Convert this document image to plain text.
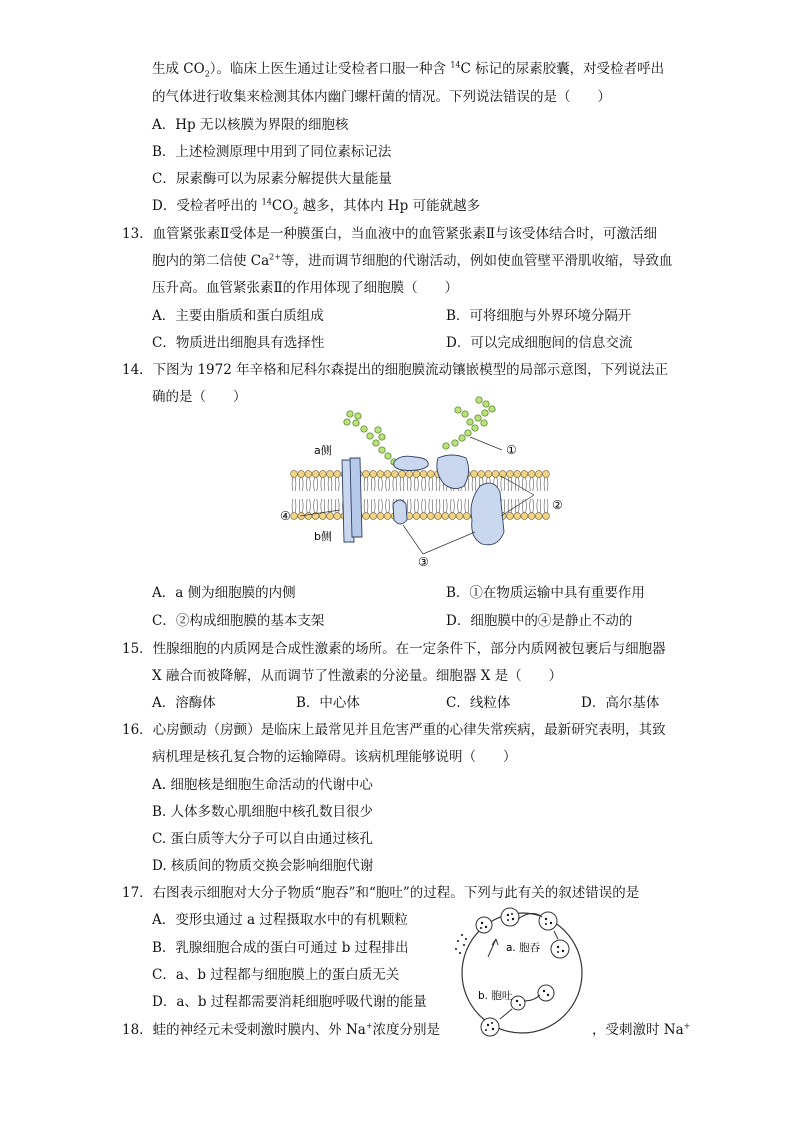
生成 $CO_2$）。临床上医生通过让受检者口服一种含 $^{14}$C 标记的尿素胶囊，对受检者呼出
的气体进行收集来检测其体内幽门螺杆菌的情况。下列说法错误的是（　　）
A．Hp 无以核膜为界限的细胞核
B．上述检测原理中用到了同位素标记法
C．尿素酶可以为尿素分解提供大量能量
D．受检者呼出的 $^{14}CO_2$ 越多，其体内 Hp 可能就越多
13．血管紧张素Ⅱ受体是一种膜蛋白，当血液中的血管紧张素Ⅱ与该受体结合时，可激活细
胞内的第二信使 $Ca^{2+}$等，进而调节细胞的代谢活动，例如使血管壁平滑肌收缩，导致血
压升高。血管紧张素Ⅱ的作用体现了细胞膜（　　）
A．主要由脂质和蛋白质组成	B．可将细胞与外界环境分隔开
C．物质进出细胞具有选择性	D．可以完成细胞间的信息交流
14．下图为 1972 年辛格和尼科尔森提出的细胞膜流动镶嵌模型的局部示意图，下列说法正
确的是（　　）
a侧
b侧
①
②
③
④
A．a 侧为细胞膜的内侧	B．①在物质运输中具有重要作用
C．②构成细胞膜的基本支架	D．细胞膜中的④是静止不动的
15．性腺细胞的内质网是合成性激素的场所。在一定条件下，部分内质网被包裹后与细胞器
X 融合而被降解，从而调节了性激素的分泌量。细胞器 X 是（　　）
A．溶酶体	B．中心体	C．线粒体	D．高尔基体
16．心房颤动（房颤）是临床上最常见并且危害严重的心律失常疾病，最新研究表明，其致
病机理是核孔复合物的运输障碍。该病机理能够说明（　　）
A. 细胞核是细胞生命活动的代谢中心
B. 人体多数心肌细胞中核孔数目很少
C. 蛋白质等大分子可以自由通过核孔
D. 核质间的物质交换会影响细胞代谢
17．右图表示细胞对大分子物质“胞吞”和“胞吐”的过程。下列与此有关的叙述错误的是
A．变形虫通过 a 过程摄取水中的有机颗粒
B．乳腺细胞合成的蛋白可通过 b 过程排出
C．a、b 过程都与细胞膜上的蛋白质无关
D．a、b 过程都需要消耗细胞呼吸代谢的能量
a. 胞吞
b. 胞吐
18．蛙的神经元未受刺激时膜内、外 Na+浓度分别是	，受刺激时 Na+
